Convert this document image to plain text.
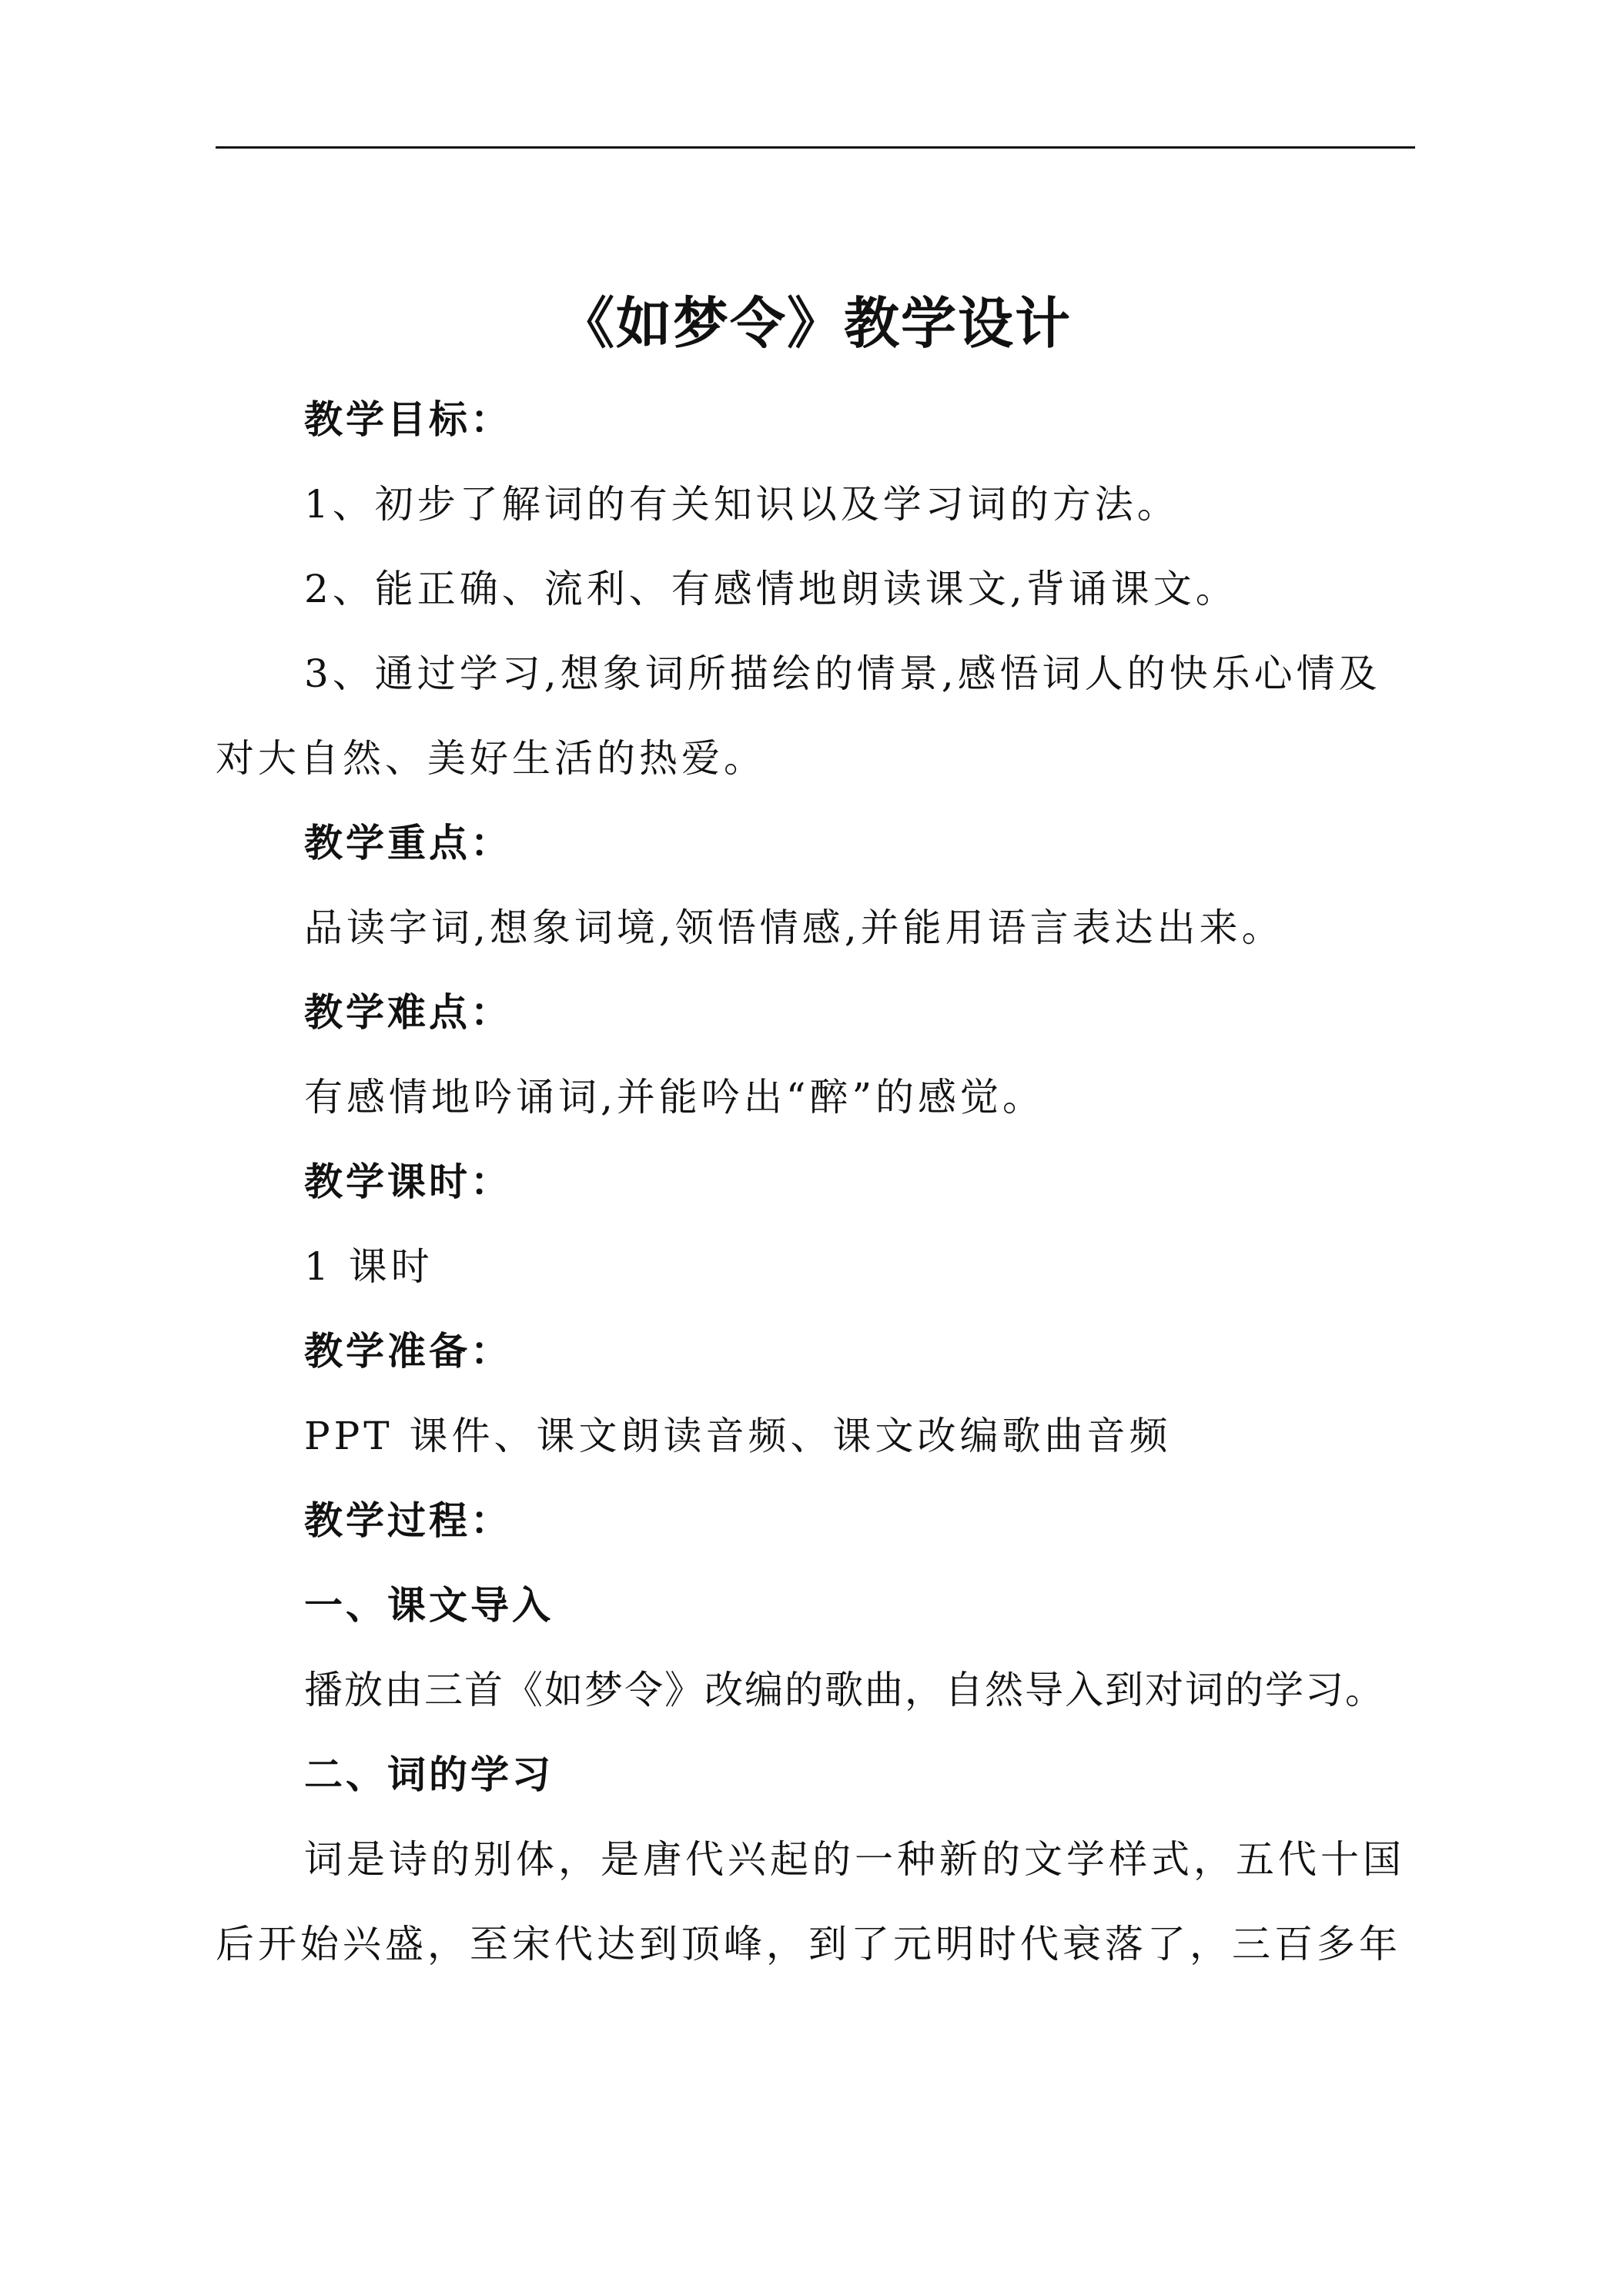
《如梦令》教学设计
教学目标：
1、初步了解词的有关知识以及学习词的方法。
2、能正确、流利、有感情地朗读课文,背诵课文。
3、通过学习,想象词所描绘的情景,感悟词人的快乐心情及对大自然、美好生活的热爱。
教学重点：
品读字词,想象词境,领悟情感,并能用语言表达出来。
教学难点：
有感情地吟诵词,并能吟出“醉”的感觉。
教学课时：
1 课时
教学准备：
PPT 课件、课文朗读音频、课文改编歌曲音频
教学过程：
一、课文导入
播放由三首《如梦令》改编的歌曲，自然导入到对词的学习。
二、词的学习
词是诗的别体，是唐代兴起的一种新的文学样式，五代十国后开始兴盛，至宋代达到顶峰，到了元明时代衰落了，三百多年
